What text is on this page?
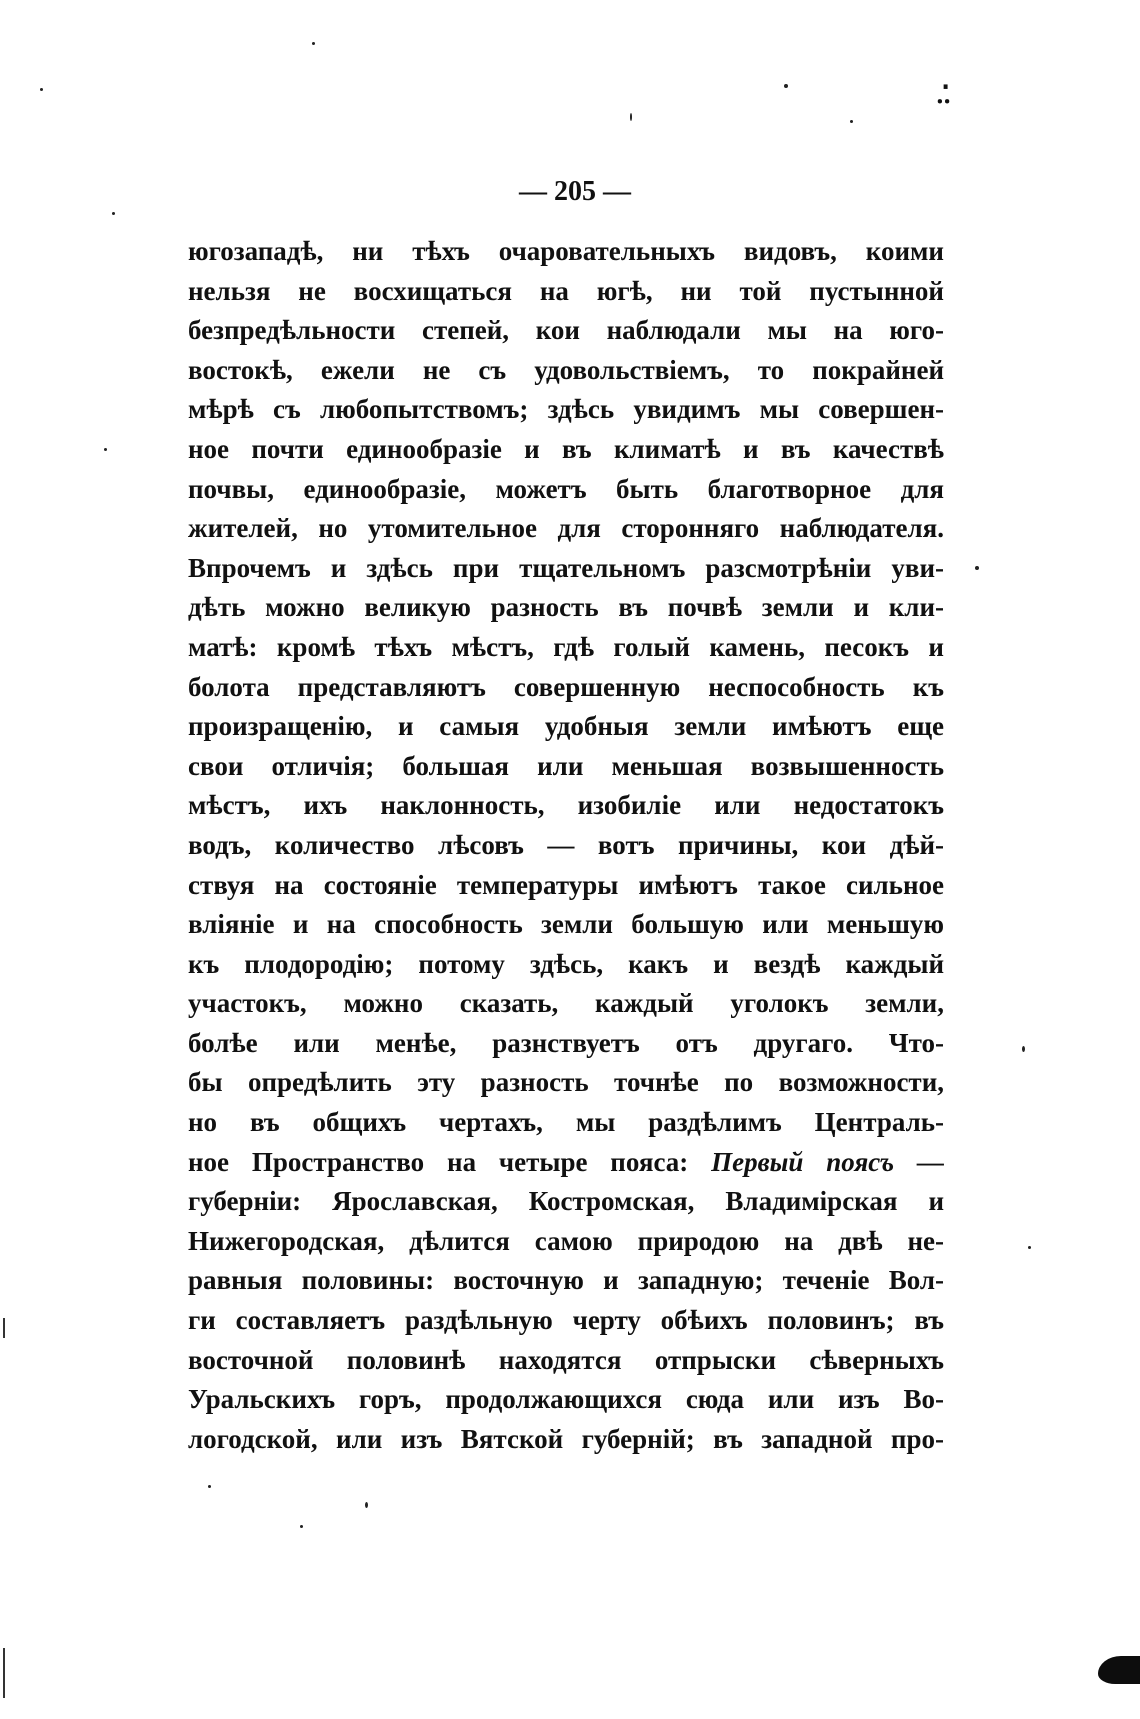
ฺ·ฺ
— 205 —
югозападѣ, ни тѣхъ очаровательныхъ видовъ, коими
нельзя не восхищаться на югѣ, ни той пустынной
безпредѣльности степей, кои наблюдали мы на юго-
востокѣ, ежели не съ удовольствіемъ, то покрайней
мѣрѣ съ любопытствомъ; здѣсь увидимъ мы совершен-
ное почти единообразіе и въ климатѣ и въ качествѣ
почвы, единообразіе, можетъ быть благотворное для
жителей, но утомительное для сторонняго наблюдателя.
Впрочемъ и здѣсь при тщательномъ разсмотрѣніи уви-
дѣть можно великую разность въ почвѣ земли и кли-
матѣ: кромѣ тѣхъ мѣстъ, гдѣ голый камень, песокъ и
болота представляютъ совершенную неспособность къ
произращенію, и самыя удобныя земли имѣютъ еще
свои отличія; большая или меньшая возвышенность
мѣстъ, ихъ наклонность, изобиліе или недостатокъ
водъ, количество лѣсовъ — вотъ причины, кои дѣй-
ствуя на состояніе температуры имѣютъ такое сильное
вліяніе и на способность земли большую или меньшую
къ плодородію; потому здѣсь, какъ и вездѣ каждый
участокъ, можно сказать, каждый уголокъ земли,
болѣе или менѣе, разнствуетъ отъ другаго. Что-
бы опредѣлить эту разность точнѣе по возможности,
но въ общихъ чертахъ, мы раздѣлимъ Централь-
ное Пространство на четыре пояса: Первый поясъ —
губерніи: Ярославская, Костромская, Владимірская и
Нижегородская, дѣлится самою природою на двѣ не-
равныя половины: восточную и западную; теченіе Вол-
ги составляетъ раздѣльную черту обѣихъ половинъ; въ
восточной половинѣ находятся отпрыски сѣверныхъ
Уральскихъ горъ, продолжающихся сюда или изъ Во-
логодской, или изъ Вятской губерній; въ западной про-
